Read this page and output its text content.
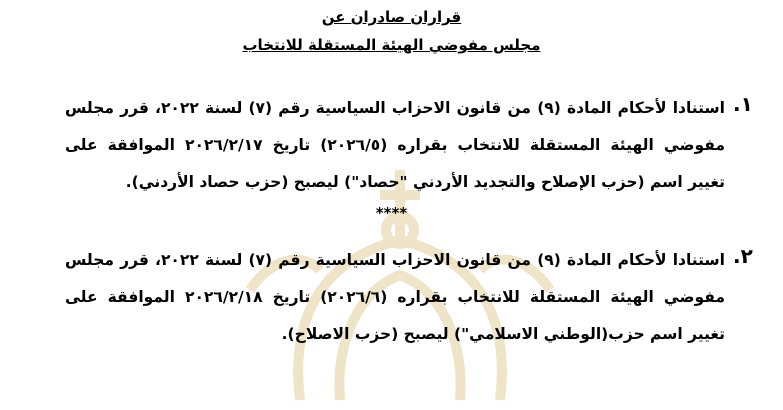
قراران صادران عن
مجلس مفوضي الهيئة المستقلة للانتخاب
١.
استنادا لأحكام المادة (٩) من قانون الاحزاب السياسية رقم (٧) لسنة ٢٠٢٢، قرر مجلس مفوضي الهيئة المستقلة للانتخاب بقراره (٢٠٢٦/٥) تاريخ ٢٠٢٦/٢/١٧ الموافقة على تغيير اسم (حزب الإصلاح والتجديد الأردني "حصاد") ليصبح (حزب حصاد الأردني).
****
٢.
استنادا لأحكام المادة (٩) من قانون الاحزاب السياسية رقم (٧) لسنة ٢٠٢٢، قرر مجلس مفوضي الهيئة المستقلة للانتخاب بقراره (٢٠٢٦/٦) تاريخ ٢٠٢٦/٢/١٨ الموافقة على تغيير اسم حزب(الوطني الاسلامي") ليصبح (حزب الاصلاح).
